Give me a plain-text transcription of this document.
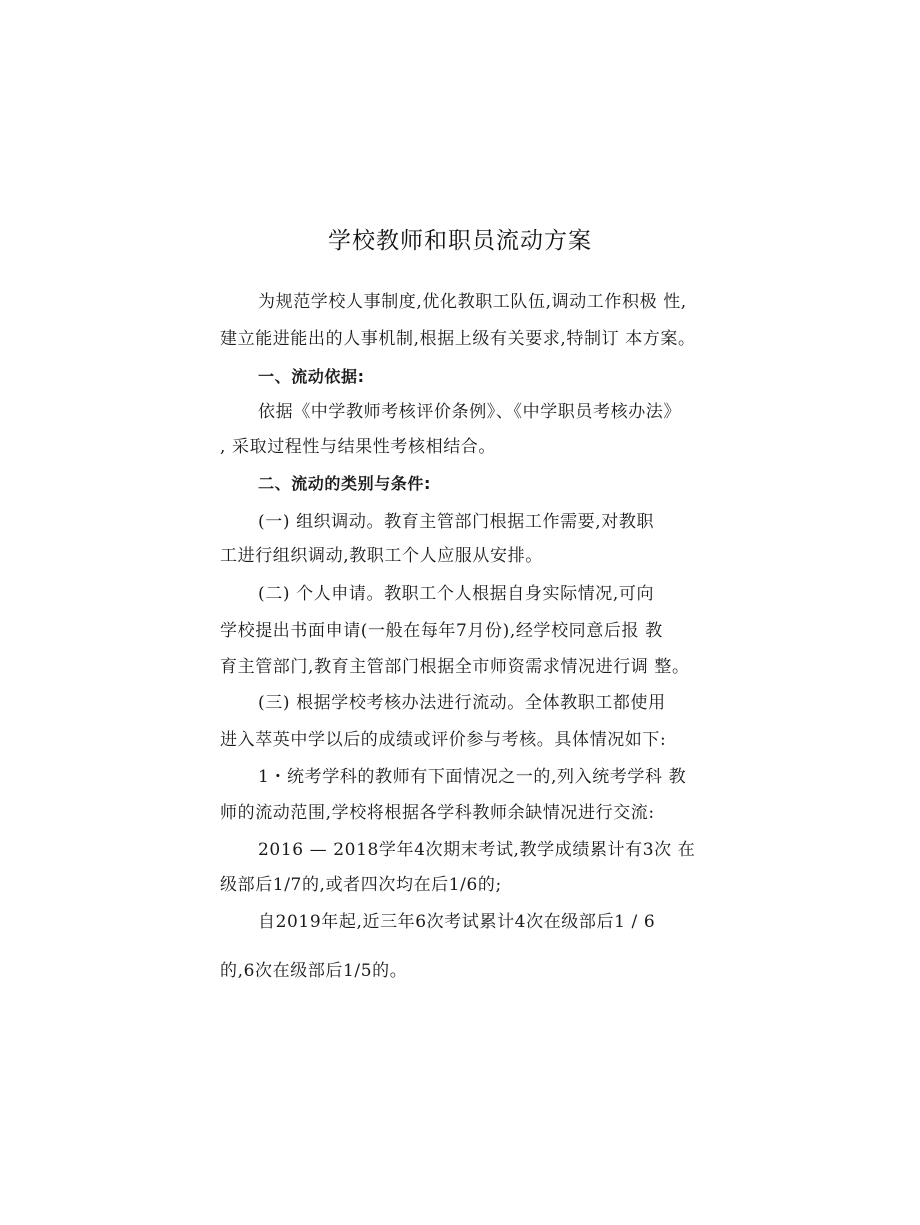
学校教师和职员流动方案
为规范学校人事制度,优化教职工队伍,调动工作积极 性,
建立能进能出的人事机制,根据上级有关要求,特制订 本方案。
一、流动依据:
依据《中学教师考核评价条例》、《中学职员考核办法》
, 采取过程性与结果性考核相结合。
二、流动的类别与条件:
(一) 组织调动。教育主管部门根据工作需要,对教职
工进行组织调动,教职工个人应服从安排。
(二) 个人申请。教职工个人根据自身实际情况,可向
学校提出书面申请(一般在每年7月份),经学校同意后报 教
育主管部门,教育主管部门根据全市师资需求情况进行调 整。
(三) 根据学校考核办法进行流动。全体教职工都使用
进入萃英中学以后的成绩或评价参与考核。具体情况如下:
1・统考学科的教师有下面情况之一的,列入统考学科 教
师的流动范围,学校将根据各学科教师余缺情况进行交流:
2016 — 2018学年4次期末考试,教学成绩累计有3次 在
级部后1/7的,或者四次均在后1/6的;
自2019年起,近三年6次考试累计4次在级部后1 / 6
的,6次在级部后1/5的。
